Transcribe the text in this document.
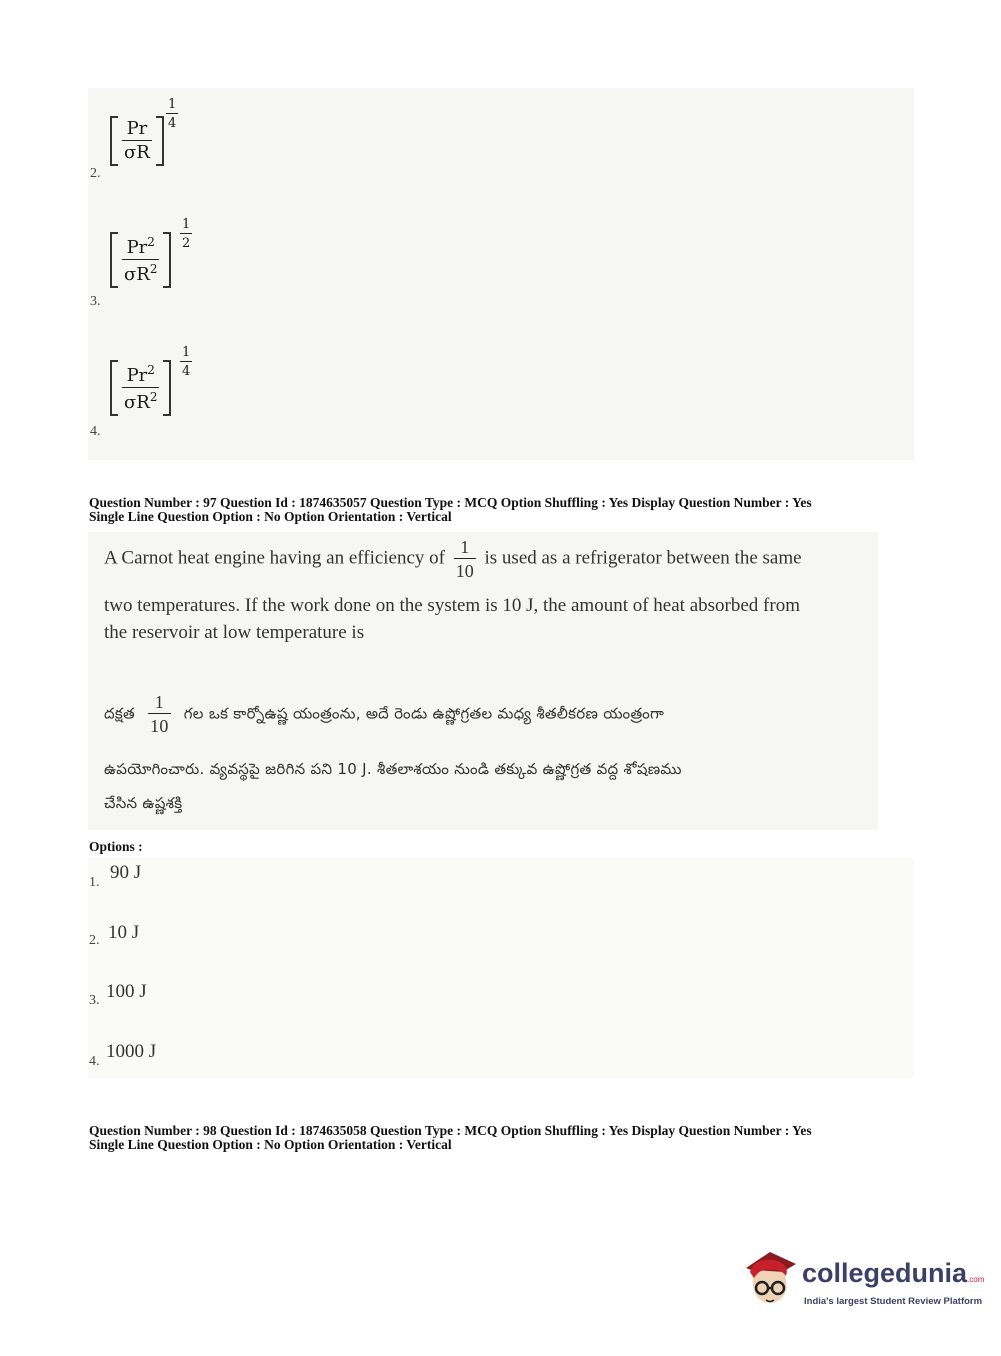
2.
$\frac{Pr}{\sigma R}$
$\frac{1}{4}$
3.
$\frac{Pr^2}{\sigma R^2}$
$\frac{1}{2}$
4.
$\frac{Pr^2}{\sigma R^2}$
$\frac{1}{4}$
Question Number : 97 Question Id : 1874635057 Question Type : MCQ Option Shuffling : Yes Display Question Number : Yes
Single Line Question Option : No Option Orientation : Vertical
A Carnot heat engine having an efficiency of $\frac{1}{10}$ is used as a refrigerator between the same
two temperatures. If the work done on the system is 10 J, the amount of heat absorbed from
the reservoir at low temperature is
దక్షత $\frac{1}{10}$ గల ఒక కార్నోఉష్ణ యంత్రంను, అదే రెండు ఉష్ణోగ్రతల మధ్య శీతలీకరణ యంత్రంగా
ఉపయోగించారు. వ్యవస్థపై జరిగిన పని 10 J. శీతలాశయం నుండి తక్కువ ఉష్ణోగ్రత వద్ద శోషణము
చేసిన ఉష్ణశక్తి
Options :
1. 90 J
2. 10 J
3. 100 J
4. 1000 J
Question Number : 98 Question Id : 1874635058 Question Type : MCQ Option Shuffling : Yes Display Question Number : Yes
Single Line Question Option : No Option Orientation : Vertical
collegedunia.com
India's largest Student Review Platform
